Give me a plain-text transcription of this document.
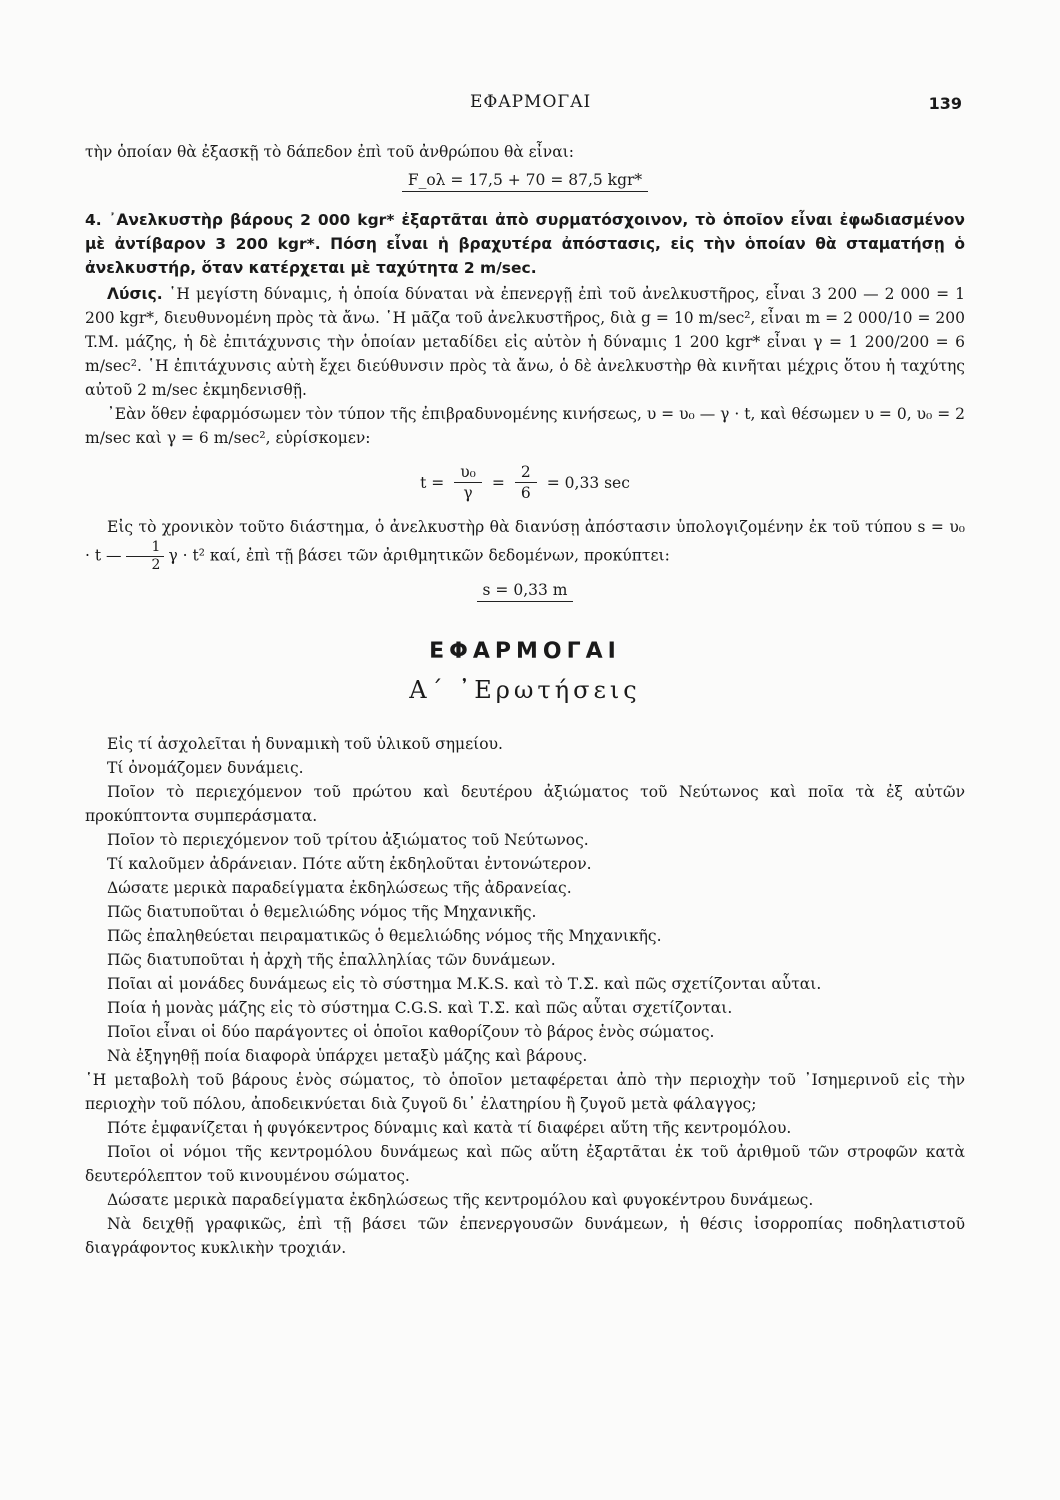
ΕΦΑΡΜΟΓΑΙ	139

τὴν ὁποίαν θὰ ἐξασκῇ τὸ δάπεδον ἐπὶ τοῦ ἀνθρώπου θὰ εἶναι:

F_ολ = 17,5 + 70 = 87,5 kgr*

4. ᾿Ανελκυστὴρ βάρους 2 000 kgr* ἐξαρτᾶται ἀπὸ συρματόσχοινον, τὸ ὁποῖον εἶναι ἐφωδιασμένον μὲ ἀντίβαρον 3 200 kgr*. Πόση εἶναι ἡ βραχυτέρα ἀπόστασις, εἰς τὴν ὁποίαν θὰ σταματήσῃ ὁ ἀνελκυστήρ, ὅταν κατέρχεται μὲ ταχύτητα 2 m/sec.

Λύσις. ῾Η μεγίστη δύναμις, ἡ ὁποία δύναται νὰ ἐπενεργῇ ἐπὶ τοῦ ἀνελκυστῆρος, εἶναι 3 200 — 2 000 = 1 200 kgr*, διευθυνομένη πρὸς τὰ ἄνω. ῾Η μᾶζα τοῦ ἀνελκυστῆρος, διὰ g = 10 m/sec², εἶναι m = 2 000/10 = 200 T.M. μάζης, ἡ δὲ ἐπιτάχυνσις τὴν ὁποίαν μεταδίδει εἰς αὐτὸν ἡ δύναμις 1 200 kgr* εἶναι γ = 1 200/200 = 6 m/sec². ῾Η ἐπιτάχυνσις αὐτὴ ἔχει διεύθυνσιν πρὸς τὰ ἄνω, ὁ δὲ ἀνελκυστὴρ θὰ κινῆται μέχρις ὅτου ἡ ταχύτης αὐτοῦ 2 m/sec ἐκμηδενισθῇ.

᾿Εὰν ὅθεν ἐφαρμόσωμεν τὸν τύπον τῆς ἐπιβραδυνομένης κινήσεως, υ = υ₀ — γ · t, καὶ θέσωμεν υ = 0, υ₀ = 2 m/sec καὶ γ = 6 m/sec², εὑρίσκομεν:

$t = \frac{\text{υ₀}}{\gamma} = \frac{2}{6} = 0,33$ sec

Εἰς τὸ χρονικὸν τοῦτο διάστημα, ὁ ἀνελκυστὴρ θὰ διανύσῃ ἀπόστασιν ὑπολογιζομένην ἐκ τοῦ τύπου s = υ₀ · t — $\frac{1}{2}$ γ · t² καί, ἐπὶ τῇ βάσει τῶν ἀριθμητικῶν δεδομένων, προκύπτει:

s = 0,33 m

ΕΦΑΡΜΟΓΑΙ
Α΄ ᾿Ερωτήσεις

Εἰς τί ἀσχολεῖται ἡ δυναμικὴ τοῦ ὑλικοῦ σημείου.

Τί ὀνομάζομεν δυνάμεις.

Ποῖον τὸ περιεχόμενον τοῦ πρώτου καὶ δευτέρου ἀξιώματος τοῦ Νεύτωνος καὶ ποῖα τὰ ἐξ αὐτῶν προκύπτοντα συμπεράσματα.

Ποῖον τὸ περιεχόμενον τοῦ τρίτου ἀξιώματος τοῦ Νεύτωνος.

Τί καλοῦμεν ἀδράνειαν. Πότε αὕτη ἐκδηλοῦται ἐντονώτερον.

Δώσατε μερικὰ παραδείγματα ἐκδηλώσεως τῆς ἀδρανείας.

Πῶς διατυποῦται ὁ θεμελιώδης νόμος τῆς Μηχανικῆς.

Πῶς ἐπαληθεύεται πειραματικῶς ὁ θεμελιώδης νόμος τῆς Μηχανικῆς.

Πῶς διατυποῦται ἡ ἀρχὴ τῆς ἐπαλληλίας τῶν δυνάμεων.

Ποῖαι αἱ μονάδες δυνάμεως εἰς τὸ σύστημα M.K.S. καὶ τὸ Τ.Σ. καὶ πῶς σχετίζονται αὗται.

Ποία ἡ μονὰς μάζης εἰς τὸ σύστημα C.G.S. καὶ Τ.Σ. καὶ πῶς αὗται σχετίζονται.

Ποῖοι εἶναι οἱ δύο παράγοντες οἱ ὁποῖοι καθορίζουν τὸ βάρος ἑνὸς σώματος.

Νὰ ἐξηγηθῇ ποία διαφορὰ ὑπάρχει μεταξὺ μάζης καὶ βάρους.

῾Η μεταβολὴ τοῦ βάρους ἑνὸς σώματος, τὸ ὁποῖον μεταφέρεται ἀπὸ τὴν περιοχὴν τοῦ ᾿Ισημερινοῦ εἰς τὴν περιοχὴν τοῦ πόλου, ἀποδεικνύεται διὰ ζυγοῦ δι᾿ ἐλατηρίου ἢ ζυγοῦ μετὰ φάλαγγος;

Πότε ἐμφανίζεται ἡ φυγόκεντρος δύναμις καὶ κατὰ τί διαφέρει αὕτη τῆς κεντρομόλου.

Ποῖοι οἱ νόμοι τῆς κεντρομόλου δυνάμεως καὶ πῶς αὕτη ἐξαρτᾶται ἐκ τοῦ ἀριθμοῦ τῶν στροφῶν κατὰ δευτερόλεπτον τοῦ κινουμένου σώματος.

Δώσατε μερικὰ παραδείγματα ἐκδηλώσεως τῆς κεντρομόλου καὶ φυγοκέντρου δυνάμεως.

Νὰ δειχθῇ γραφικῶς, ἐπὶ τῇ βάσει τῶν ἐπενεργουσῶν δυνάμεων, ἡ θέσις ἰσορροπίας ποδηλατιστοῦ διαγράφοντος κυκλικὴν τροχιάν.
